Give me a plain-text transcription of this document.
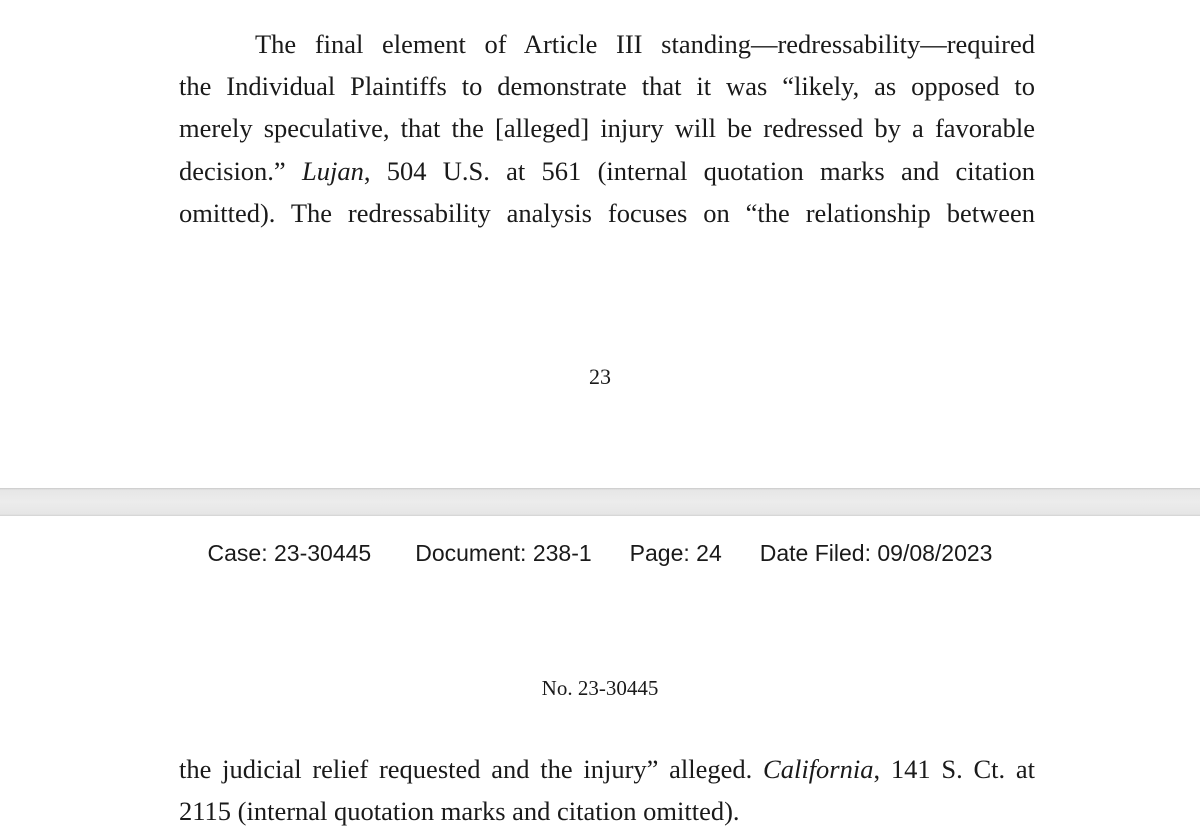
The final element of Article III standing—redressability—required
the Individual Plaintiffs to demonstrate that it was “likely, as opposed to
merely speculative, that the [alleged] injury will be redressed by a favorable
decision.” Lujan, 504 U.S. at 561 (internal quotation marks and citation
omitted). The redressability analysis focuses on “the relationship between
23
Case: 23-30445 Document: 238-1 Page: 24 Date Filed: 09/08/2023
No. 23-30445
the judicial relief requested and the injury” alleged. California, 141 S. Ct. at
2115 (internal quotation marks and citation omitted).
